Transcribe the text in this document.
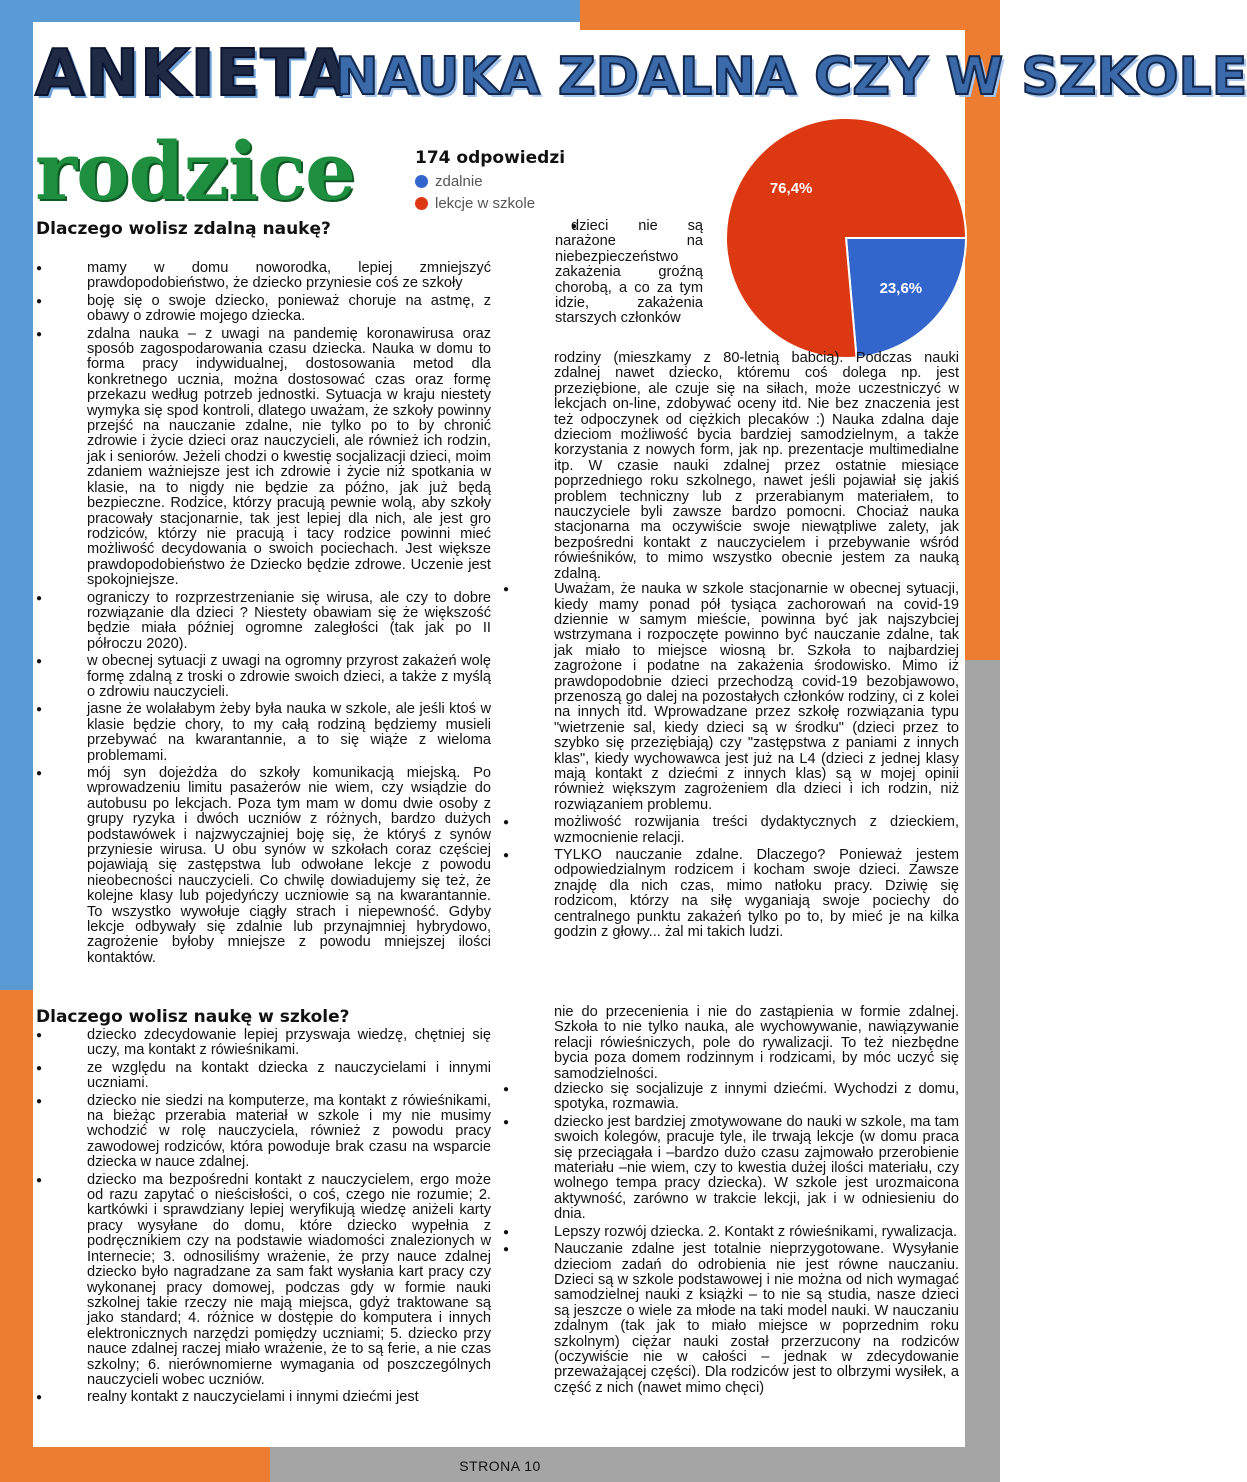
ANKIETA
NAUKA ZDALNA CZY W SZKOLE
rodzice	174 odpowiedzi
zdalnie
lekcje w szkole
23,6%
76,4%
Dlaczego wolisz zdalną naukę?
●	dzieci nie są narażone na niebezpieczeństwo zakażenia groźną chorobą, a co za tym idzie, zakażenia starszych członków
● mamy w domu noworodka, lepiej zmniejszyć prawdopodobieństwo, że dziecko przyniesie coś ze szkoły
● boję się o swoje dziecko, ponieważ choruje na astmę, z obawy o zdrowie mojego dziecka.
● zdalna nauka – z uwagi na pandemię koronawirusa oraz sposób zagospodarowania czasu dziecka. Nauka w domu to forma pracy indywidualnej, dostosowania metod dla konkretnego ucznia, można dostosować czas oraz formę przekazu według potrzeb jednostki. Sytuacja w kraju niestety wymyka się spod kontroli, dlatego uważam, że szkoły powinny przejść na nauczanie zdalne, nie tylko po to by chronić zdrowie i życie dzieci oraz nauczycieli, ale również ich rodzin, jak i seniorów. Jeżeli chodzi o kwestię socjalizacji dzieci, moim zdaniem ważniejsze jest ich zdrowie i życie niż spotkania w klasie, na to nigdy nie będzie za późno, jak już będą bezpieczne. Rodzice, którzy pracują pewnie wolą, aby szkoły pracowały stacjonarnie, tak jest lepiej dla nich, ale jest gro rodziców, którzy nie pracują i tacy rodzice powinni mieć możliwość decydowania o swoich pociechach. Jest większe prawdopodobieństwo że Dziecko będzie zdrowe. Uczenie jest spokojniejsze.
● ograniczy to rozprzestrzenianie się wirusa, ale czy to dobre rozwiązanie dla dzieci ? Niestety obawiam się że większość będzie miała później ogromne zaległości (tak jak po II półroczu 2020).
● w obecnej sytuacji z uwagi na ogromny przyrost zakażeń wolę formę zdalną z troski o zdrowie swoich dzieci, a także z myślą o zdrowiu nauczycieli.
● jasne że wolałabym żeby była nauka w szkole, ale jeśli ktoś w klasie będzie chory, to my całą rodziną będziemy musieli przebywać na kwarantannie, a to się wiąże z wieloma problemami.
● mój syn dojeżdża do szkoły komunikacją miejską. Po wprowadzeniu limitu pasażerów nie wiem, czy wsiądzie do autobusu po lekcjach. Poza tym mam w domu dwie osoby z grupy ryzyka i dwóch uczniów z różnych, bardzo dużych podstawówek i najzwyczajniej boję się, że któryś z synów przyniesie wirusa. U obu synów w szkołach coraz częściej pojawiają się zastępstwa lub odwołane lekcje z powodu nieobecności nauczycieli. Co chwilę dowiadujemy się też, że kolejne klasy lub pojedyńczy uczniowie są na kwarantannie. To wszystko wywołuje ciągły strach i niepewność. Gdyby lekcje odbywały się zdalnie lub przynajmniej hybrydowo, zagrożenie byłoby mniejsze z powodu mniejszej ilości kontaktów.

rodziny (mieszkamy z 80-letnią babcią). Podczas nauki zdalnej nawet dziecko, któremu coś dolega np. jest przeziębione, ale czuje się na siłach, może uczestniczyć w lekcjach on-line, zdobywać oceny itd. Nie bez znaczenia jest też odpoczynek od ciężkich plecaków :) Nauka zdalna daje dzieciom możliwość bycia bardziej samodzielnym, a także korzystania z nowych form, jak np. prezentacje multimedialne itp. W czasie nauki zdalnej przez ostatnie miesiące poprzedniego roku szkolnego, nawet jeśli pojawiał się jakiś problem techniczny lub z przerabianym materiałem, to nauczyciele byli zawsze bardzo pomocni. Chociaż nauka stacjonarna ma oczywiście swoje niewątpliwe zalety, jak bezpośredni kontakt z nauczycielem i przebywanie wśród rówieśników, to mimo wszystko obecnie jestem za nauką zdalną.

● Uważam, że nauka w szkole stacjonarnie w obecnej sytuacji, kiedy mamy ponad pół tysiąca zachorowań na covid-19 dziennie w samym mieście, powinna być jak najszybciej wstrzymana i rozpoczęte powinno być nauczanie zdalne, tak jak miało to miejsce wiosną br. Szkoła to najbardziej zagrożone i podatne na zakażenia środowisko. Mimo iż prawdopodobnie dzieci przechodzą covid-19 bezobjawowo, przenoszą go dalej na pozostałych członków rodziny, ci z kolei na innych itd. Wprowadzane przez szkołę rozwiązania typu "wietrzenie sal, kiedy dzieci są w środku" (dzieci przez to szybko się przeziębiają) czy "zastępstwa z paniami z innych klas", kiedy wychowawca jest już na L4 (dzieci z jednej klasy mają kontakt z dziećmi z innych klas) są w mojej opinii również większym zagrożeniem dla dzieci i ich rodzin, niż rozwiązaniem problemu.
● możliwość rozwijania treści dydaktycznych z dzieckiem, wzmocnienie relacji.
● TYLKO nauczanie zdalne. Dlaczego? Ponieważ jestem odpowiedzialnym rodzicem i kocham swoje dzieci. Zawsze znajdę dla nich czas, mimo natłoku pracy. Dziwię się rodzicom, którzy na siłę wyganiają swoje pociechy do centralnego punktu zakażeń tylko po to, by mieć je na kilka godzin z głowy... żal mi takich ludzi.
Dlaczego wolisz naukę w szkole?
● dziecko zdecydowanie lepiej przyswaja wiedzę, chętniej się uczy, ma kontakt z rówieśnikami.
● ze względu na kontakt dziecka z nauczycielami i innymi uczniami.
● dziecko nie siedzi na komputerze, ma kontakt z rówieśnikami, na bieżąc przerabia materiał w szkole i my nie musimy wchodzić w rolę nauczyciela, również z powodu pracy zawodowej rodziców, która powoduje brak czasu na wsparcie dziecka w nauce zdalnej.
● dziecko ma bezpośredni kontakt z nauczycielem, ergo może od razu zapytać o nieścisłości, o coś, czego nie rozumie; 2. kartkówki i sprawdziany lepiej weryfikują wiedzę aniżeli karty pracy wysyłane do domu, które dziecko wypełnia z podręcznikiem czy na podstawie wiadomości znalezionych w Internecie; 3. odnosiliśmy wrażenie, że przy nauce zdalnej dziecko było nagradzane za sam fakt wysłania kart pracy czy wykonanej pracy domowej, podczas gdy w formie nauki szkolnej takie rzeczy nie mają miejsca, gdyż traktowane są jako standard; 4. różnice w dostępie do komputera i innych elektronicznych narzędzi pomiędzy uczniami; 5. dziecko przy nauce zdalnej raczej miało wrażenie, że to są ferie, a nie czas szkolny; 6. nierównomierne wymagania od poszczególnych nauczycieli wobec uczniów.
● realny kontakt z nauczycielami i innymi dziećmi jest

nie do przecenienia i nie do zastąpienia w formie zdalnej. Szkoła to nie tylko nauka, ale wychowywanie, nawiązywanie relacji rówieśniczych, pole do rywalizacji. To też niezbędne bycia poza domem rodzinnym i rodzicami, by móc uczyć się samodzielności.

● dziecko się socjalizuje z innymi dziećmi. Wychodzi z domu, spotyka, rozmawia.
● dziecko jest bardziej zmotywowane do nauki w szkole, ma tam swoich kolegów, pracuje tyle, ile trwają lekcje (w domu praca się przeciągała i –bardzo dużo czasu zajmowało przerobienie materiału –nie wiem, czy to kwestia dużej ilości materiału, czy wolnego tempa pracy dziecka). W szkole jest urozmaicona aktywność, zarówno w trakcie lekcji, jak i w odniesieniu do dnia.
● Lepszy rozwój dziecka. 2. Kontakt z rówieśnikami, rywalizacja.
● Nauczanie zdalne jest totalnie nieprzygotowane. Wysyłanie dzieciom zadań do odrobienia nie jest równe nauczaniu. Dzieci są w szkole podstawowej i nie można od nich wymagać samodzielnej nauki z książki – to nie są studia, nasze dzieci są jeszcze o wiele za młode na taki model nauki. W nauczaniu zdalnym (tak jak to miało miejsce w poprzednim roku szkolnym) ciężar nauki został przerzucony na rodziców (oczywiście nie w całości – jednak w zdecydowanie przeważającej części). Dla rodziców jest to olbrzymi wysiłek, a część z nich (nawet mimo chęci)
STRONA 10
